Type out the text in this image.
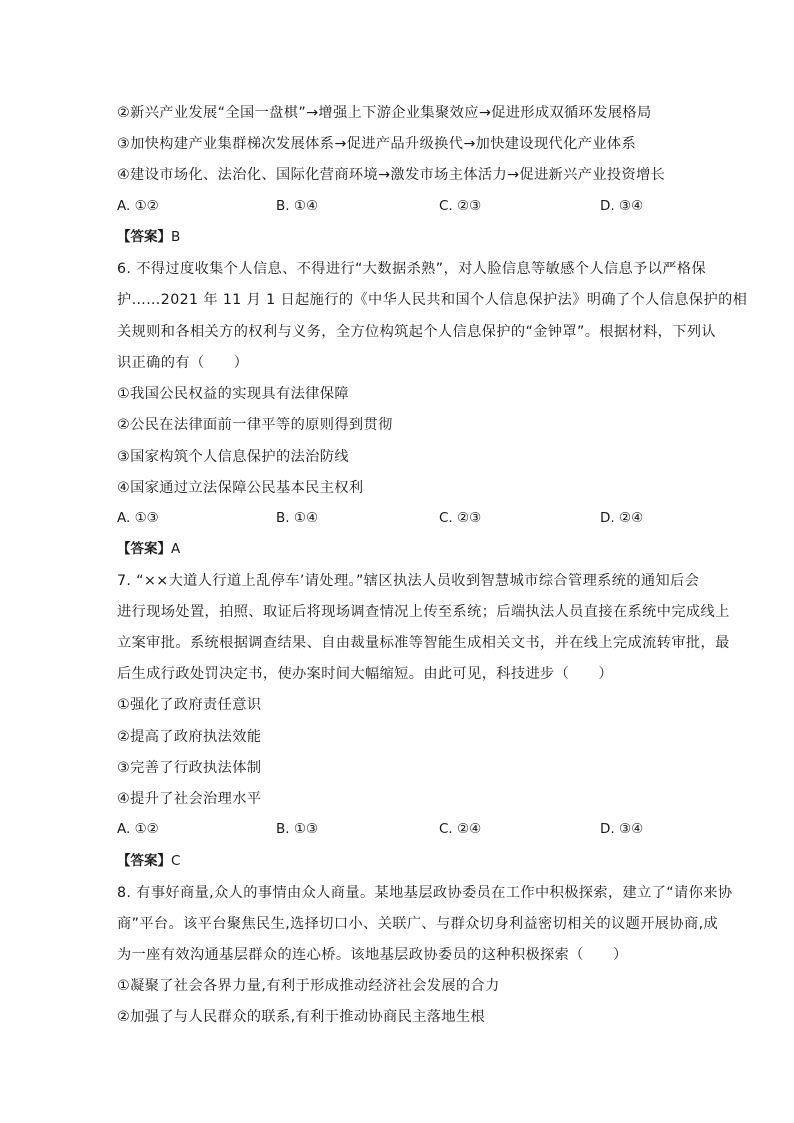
②新兴产业发展“全国一盘棋”→增强上下游企业集聚效应→促进形成双循环发展格局
③加快构建产业集群梯次发展体系→促进产品升级换代→加快建设现代化产业体系
④建设市场化、法治化、国际化营商环境→激发市场主体活力→促进新兴产业投资增长
A. ①②	B. ①④	C. ②③	D. ③④
【答案】B
6. 不得过度收集个人信息、不得进行“大数据杀熟”，对人脸信息等敏感个人信息予以严格保
护……2021 年 11 月 1 日起施行的《中华人民共和国个人信息保护法》明确了个人信息保护的相
关规则和各相关方的权利与义务，全方位构筑起个人信息保护的“金钟罩”。根据材料，下列认
识正确的有（　　）
①我国公民权益的实现具有法律保障
②公民在法律面前一律平等的原则得到贯彻
③国家构筑个人信息保护的法治防线
④国家通过立法保障公民基本民主权利
A. ①③	B. ①④	C. ②③	D. ②④
【答案】A
7. “××大道人行道上乱停车’请处理。”辖区执法人员收到智慧城市综合管理系统的通知后会
进行现场处置，拍照、取证后将现场调查情况上传至系统；后端执法人员直接在系统中完成线上
立案审批。系统根据调查结果、自由裁量标准等智能生成相关文书，并在线上完成流转审批，最
后生成行政处罚决定书，使办案时间大幅缩短。由此可见，科技进步（　　）
①强化了政府责任意识
②提高了政府执法效能
③完善了行政执法体制
④提升了社会治理水平
A. ①②	B. ①③	C. ②④	D. ③④
【答案】C
8. 有事好商量,众人的事情由众人商量。某地基层政协委员在工作中积极探索，建立了“请你来协
商”平台。该平台聚焦民生,选择切口小、关联广、与群众切身利益密切相关的议题开展协商,成
为一座有效沟通基层群众的连心桥。该地基层政协委员的这种积极探索（　　）
①凝聚了社会各界力量,有利于形成推动经济社会发展的合力
②加强了与人民群众的联系,有利于推动协商民主落地生根
